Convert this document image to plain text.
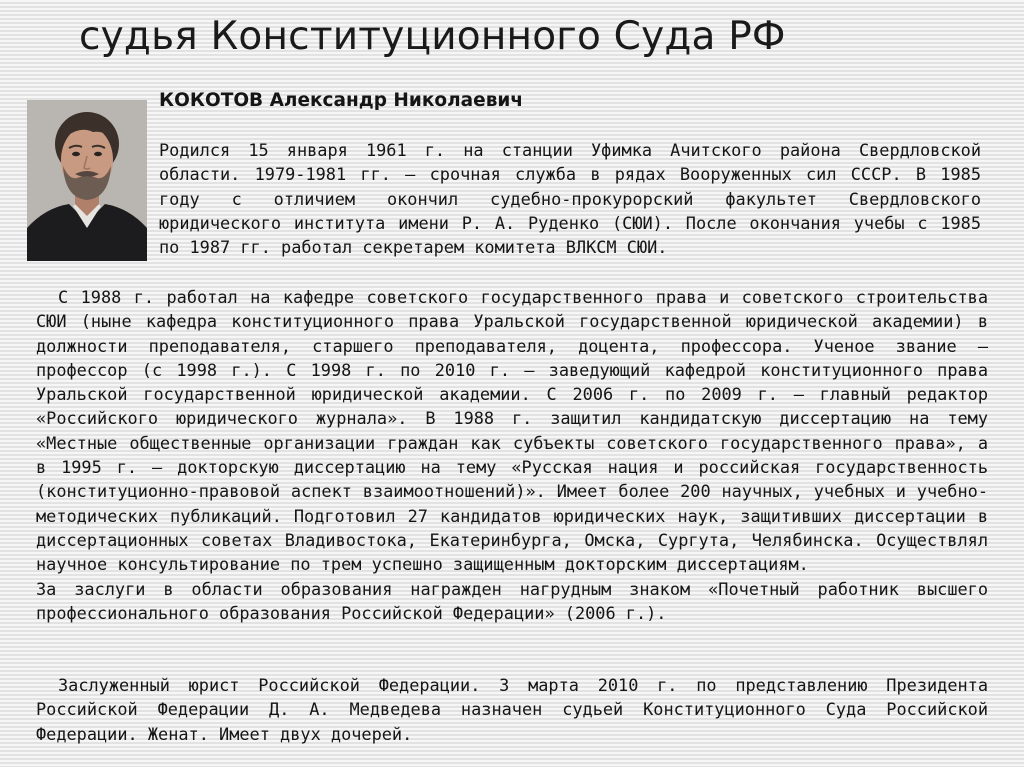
судья Конституционного Суда РФ
КОКОТОВ Александр Николаевич

Родился 15 января 1961 г. на станции Уфимка Ачитского района Свердловской области. 1979-1981 гг. – срочная служба в рядах Вооруженных сил СССР. В 1985 году с отличием окончил судебно-прокурорский факультет Свердловского юридического института имени Р. А. Руденко (СЮИ). После окончания учебы с 1985 по 1987 гг. работал секретарем комитета ВЛКСМ СЮИ.

С 1988 г. работал на кафедре советского государственного права и советского строительства СЮИ (ныне кафедра конституционного права Уральской государственной юридической академии) в должности преподавателя, старшего преподавателя, доцента, профессора. Ученое звание – профессор (с 1998 г.). С 1998 г. по 2010 г. – заведующий кафедрой конституционного права Уральской государственной юридической академии. С 2006 г. по 2009 г. – главный редактор «Российского юридического журнала». В 1988 г. защитил кандидатскую диссертацию на тему «Местные общественные организации граждан как субъекты советского государственного права», а в 1995 г. – докторскую диссертацию на тему «Русская нация и российская государственность (конституционно-правовой аспект взаимоотношений)». Имеет более 200 научных, учебных и учебно-методических публикаций. Подготовил 27 кандидатов юридических наук, защитивших диссертации в диссертационных советах Владивостока, Екатеринбурга, Омска, Сургута, Челябинска. Осуществлял научное консультирование по трем успешно защищенным докторским диссертациям.

За заслуги в области образования награжден нагрудным знаком «Почетный работник высшего профессионального образования Российской Федерации» (2006 г.).

Заслуженный юрист Российской Федерации. 3 марта 2010 г. по представлению Президента Российской Федерации Д. А. Медведева назначен судьей Конституционного Суда Российской Федерации. Женат. Имеет двух дочерей.
